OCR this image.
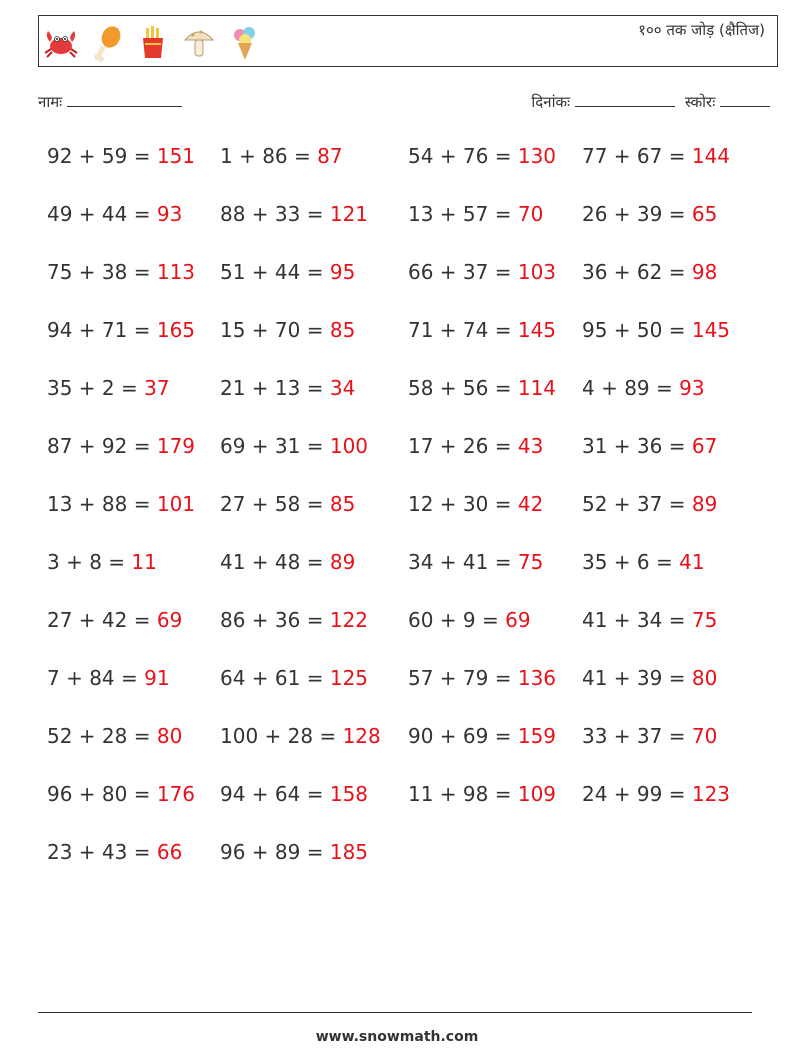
१०० तक जोड़ (क्षैतिज)
नामः	दिनांकः	स्कोरः
92 + 59 = 151	1 + 86 = 87	54 + 76 = 130	77 + 67 = 144
49 + 44 = 93	88 + 33 = 121	13 + 57 = 70	26 + 39 = 65
75 + 38 = 113	51 + 44 = 95	66 + 37 = 103	36 + 62 = 98
94 + 71 = 165	15 + 70 = 85	71 + 74 = 145	95 + 50 = 145
35 + 2 = 37	21 + 13 = 34	58 + 56 = 114	4 + 89 = 93
87 + 92 = 179	69 + 31 = 100	17 + 26 = 43	31 + 36 = 67
13 + 88 = 101	27 + 58 = 85	12 + 30 = 42	52 + 37 = 89
3 + 8 = 11	41 + 48 = 89	34 + 41 = 75	35 + 6 = 41
27 + 42 = 69	86 + 36 = 122	60 + 9 = 69	41 + 34 = 75
7 + 84 = 91	64 + 61 = 125	57 + 79 = 136	41 + 39 = 80
52 + 28 = 80	100 + 28 = 128	90 + 69 = 159	33 + 37 = 70
96 + 80 = 176	94 + 64 = 158	11 + 98 = 109	24 + 99 = 123
23 + 43 = 66	96 + 89 = 185
www.snowmath.com
